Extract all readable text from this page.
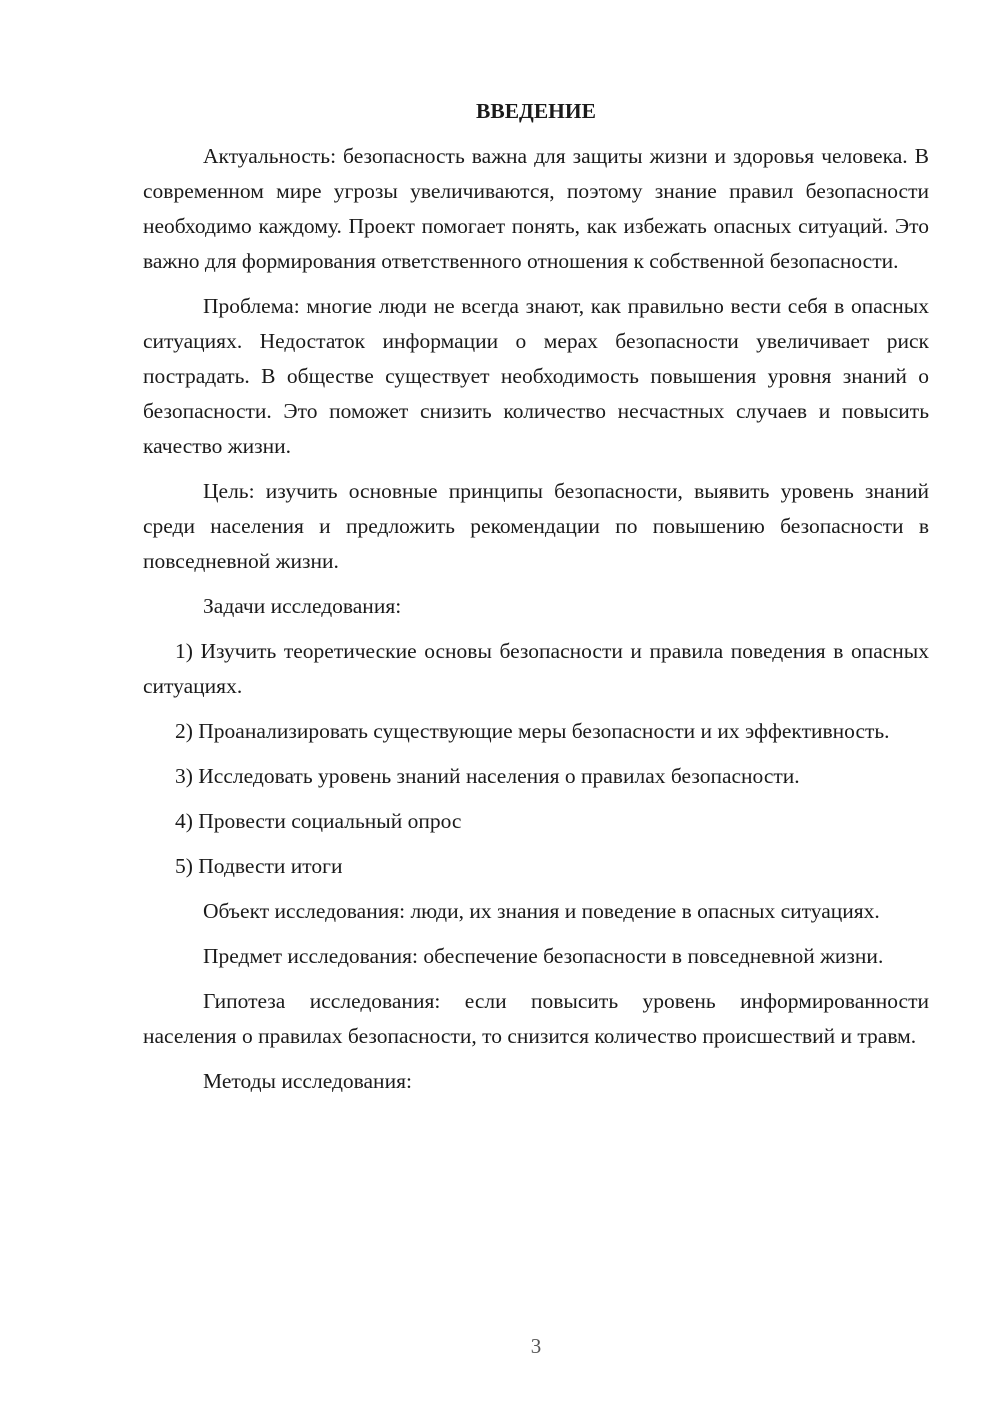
ВВЕДЕНИЕ

Актуальность: безопасность важна для защиты жизни и здоровья человека. В современном мире угрозы увеличиваются, поэтому знание правил безопасности необходимо каждому. Проект помогает понять, как избежать опасных ситуаций. Это важно для формирования ответственного отношения к собственной безопасности.

Проблема: многие люди не всегда знают, как правильно вести себя в опасных ситуациях. Недостаток информации о мерах безопасности увеличивает риск пострадать. В обществе существует необходимость повышения уровня знаний о безопасности. Это поможет снизить количество несчастных случаев и повысить качество жизни.

Цель: изучить основные принципы безопасности, выявить уровень знаний среди населения и предложить рекомендации по повышению безопасности в повседневной жизни.

Задачи исследования:

1) Изучить теоретические основы безопасности и правила поведения в опасных ситуациях.

2) Проанализировать существующие меры безопасности и их эффективность.

3) Исследовать уровень знаний населения о правилах безопасности.

4) Провести социальный опрос

5) Подвести итоги

Объект исследования: люди, их знания и поведение в опасных ситуациях.

Предмет исследования: обеспечение безопасности в повседневной жизни.

Гипотеза исследования: если повысить уровень информированности населения о правилах безопасности, то снизится количество происшествий и травм.

Методы исследования:

3
